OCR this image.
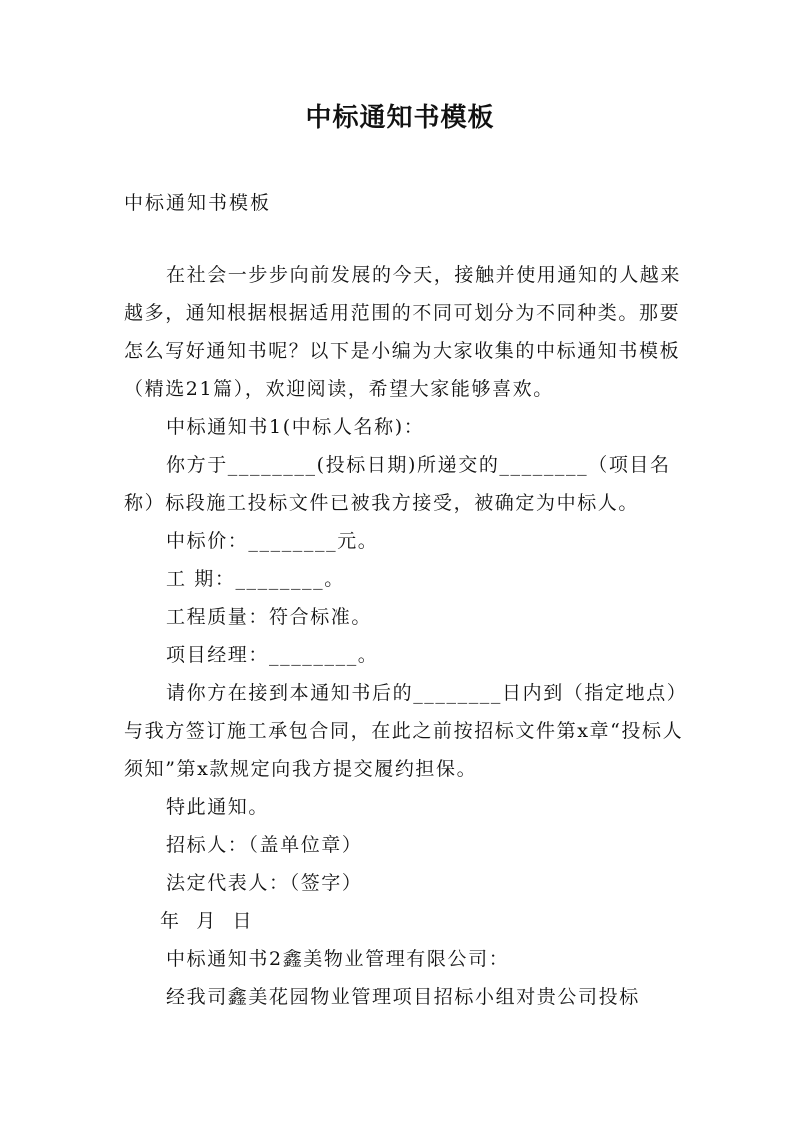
中标通知书模板
中标通知书模板

在社会一步步向前发展的今天，接触并使用通知的人越来越多，通知根据根据适用范围的不同可划分为不同种类。那要怎么写好通知书呢？以下是小编为大家收集的中标通知书模板（精选21篇），欢迎阅读，希望大家能够喜欢。

中标通知书1(中标人名称)：

你方于________(投标日期)所递交的________（项目名称）标段施工投标文件已被我方接受，被确定为中标人。

中标价：________元。

工 期：________。

工程质量：符合标准。

项目经理：________。

请你方在接到本通知书后的________日内到（指定地点）与我方签订施工承包合同，在此之前按招标文件第x章“投标人须知”第x款规定向我方提交履约担保。

特此通知。

招标人：（盖单位章）

法定代表人：（签字）

年 月 日

中标通知书2鑫美物业管理有限公司：

经我司鑫美花园物业管理项目招标小组对贵公司投标
